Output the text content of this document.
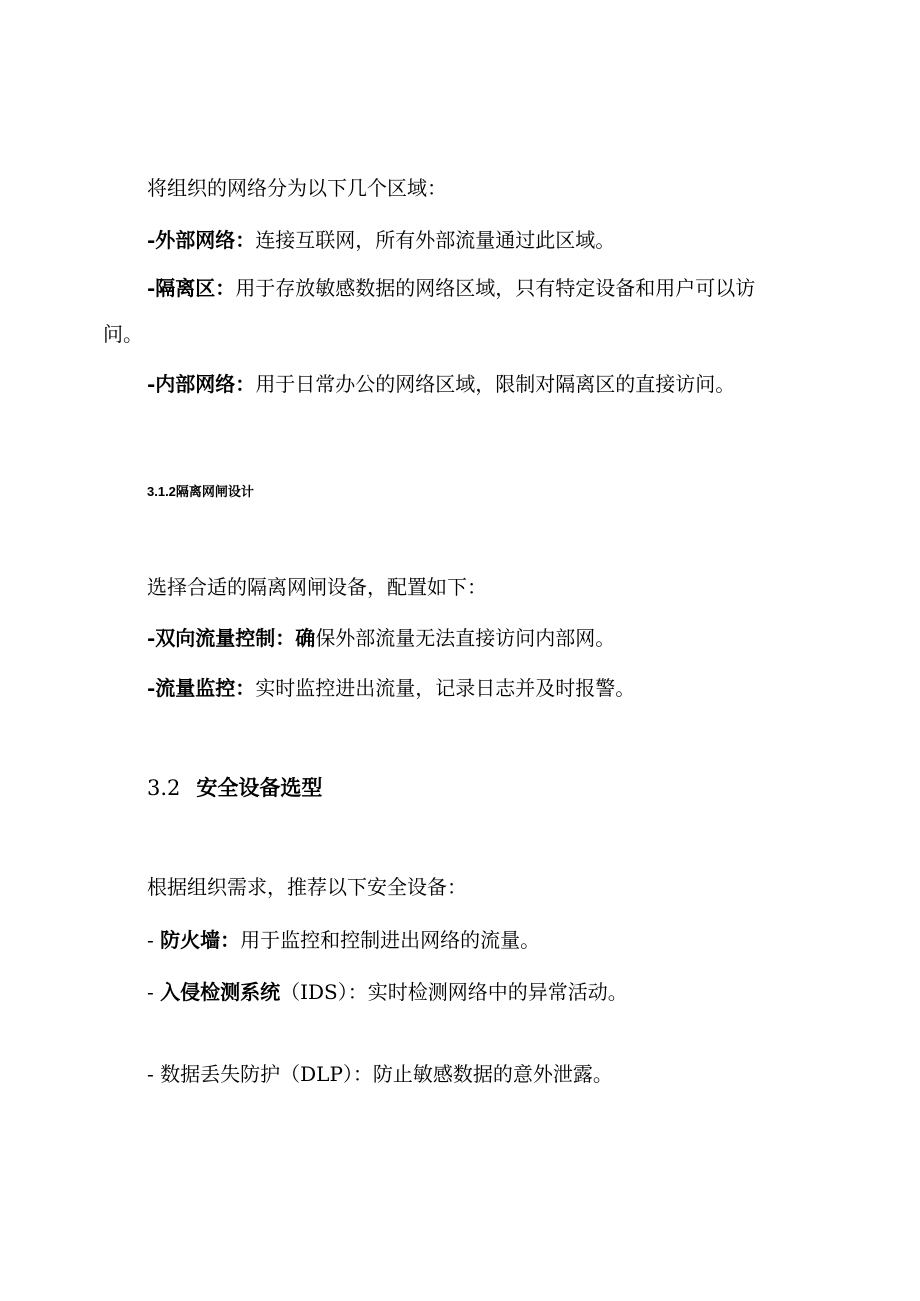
将组织的网络分为以下几个区域：
-外部网络：连接互联网，所有外部流量通过此区域。
-隔离区：用于存放敏感数据的网络区域，只有特定设备和用户可以访
问。
-内部网络：用于日常办公的网络区域，限制对隔离区的直接访问。
3.1.2隔离网闸设计
选择合适的隔离网闸设备，配置如下：
-双向流量控制：确保外部流量无法直接访问内部网。
-流量监控：实时监控进出流量，记录日志并及时报警。
3.2 安全设备选型
根据组织需求，推荐以下安全设备：
- 防火墙：用于监控和控制进出网络的流量。
- 入侵检测系统（IDS）：实时检测网络中的异常活动。
- 数据丢失防护（DLP）：防止敏感数据的意外泄露。
